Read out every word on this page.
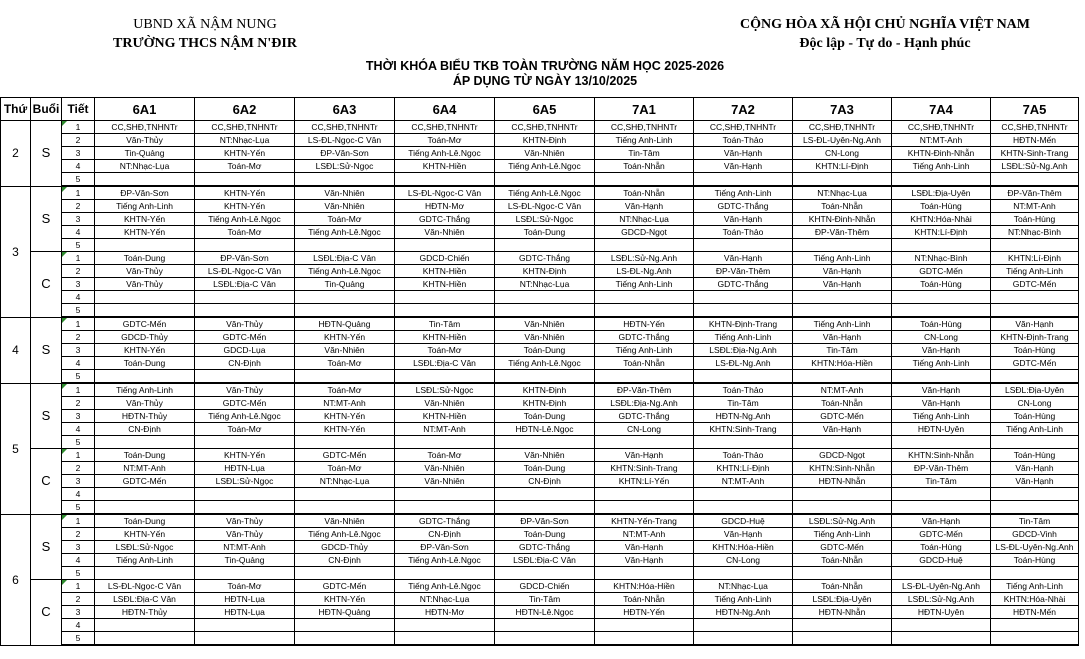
UBND XÃ NẬM NUNG
TRƯỜNG THCS NẬM N'ĐIR
CỘNG HÒA XÃ HỘI CHỦ NGHĨA VIỆT NAM
Độc lập - Tự do - Hạnh phúc
THỜI KHÓA BIỂU TKB TOÀN TRƯỜNG NĂM HỌC 2025-2026
ÁP DỤNG TỪ NGÀY 13/10/2025
Thứ	Buổi	Tiết	6A1	6A2	6A3	6A4	6A5	7A1	7A2	7A3	7A4	7A5
2	S	1	CC,SHĐ,TNHNTr	CC,SHĐ,TNHNTr	CC,SHĐ,TNHNTr	CC,SHĐ,TNHNTr	CC,SHĐ,TNHNTr	CC,SHĐ,TNHNTr	CC,SHĐ,TNHNTr	CC,SHĐ,TNHNTr	CC,SHĐ,TNHNTr	CC,SHĐ,TNHNTr
		2	Văn-Thủy	NT:Nhạc-Lụa	LS-ĐL-Ngọc-C Vân	Toán-Mơ	KHTN-Định	Tiếng Anh-Linh	Toán-Thảo	LS-ĐL-Uyên-Ng.Anh	NT:MT-Anh	HĐTN-Mến
		3	Tin-Quảng	KHTN-Yến	ĐP-Văn-Sơn	Tiếng Anh-Lê.Ngọc	Văn-Nhiên	Tin-Tâm	Văn-Hạnh	CN-Long	KHTN-Đinh-Nhẫn	KHTN-Sinh-Trang
		4	NT:Nhạc-Lụa	Toán-Mơ	LSĐL:Sử-Ngọc	KHTN-Hiền	Tiếng Anh-Lê.Ngọc	Toán-Nhẫn	Văn-Hạnh	KHTN:Lí-Định	Tiếng Anh-Linh	LSĐL:Sử-Ng.Anh
		5										
3	S	1	ĐP-Văn-Sơn	KHTN-Yến	Văn-Nhiên	LS-ĐL-Ngọc-C Vân	Tiếng Anh-Lê.Ngọc	Toán-Nhẫn	Tiếng Anh-Linh	NT:Nhạc-Lụa	LSĐL:Địa-Uyên	ĐP-Văn-Thêm
		2	Tiếng Anh-Linh	KHTN-Yến	Văn-Nhiên	HĐTN-Mơ	LS-ĐL-Ngọc-C Vân	Văn-Hạnh	GDTC-Thắng	Toán-Nhẫn	Toán-Hùng	NT:MT-Anh
		3	KHTN-Yến	Tiếng Anh-Lê.Ngọc	Toán-Mơ	GDTC-Thắng	LSĐL:Sử-Ngọc	NT:Nhạc-Lụa	Văn-Hạnh	KHTN-Đinh-Nhẫn	KHTN:Hóa-Nhài	Toán-Hùng
		4	KHTN-Yến	Toán-Mơ	Tiếng Anh-Lê.Ngọc	Văn-Nhiên	Toán-Dung	GDCD-Ngọt	Toán-Thảo	ĐP-Văn-Thêm	KHTN:Lí-Định	NT:Nhạc-Bình
		5										
	C	1	Toán-Dung	ĐP-Văn-Sơn	LSĐL:Địa-C Vân	GDCD-Chiến	GDTC-Thắng	LSĐL:Sử-Ng.Anh	Văn-Hạnh	Tiếng Anh-Linh	NT:Nhạc-Bình	KHTN:Lí-Định
		2	Văn-Thủy	LS-ĐL-Ngọc-C Vân	Tiếng Anh-Lê.Ngọc	KHTN-Hiền	KHTN-Định	LS-ĐL-Ng.Anh	ĐP-Văn-Thêm	Văn-Hạnh	GDTC-Mến	Tiếng Anh-Linh
		3	Văn-Thủy	LSĐL:Địa-C Vân	Tin-Quảng	KHTN-Hiền	NT:Nhạc-Lụa	Tiếng Anh-Linh	GDTC-Thắng	Văn-Hạnh	Toán-Hùng	GDTC-Mến
		4										
		5										
4	S	1	GDTC-Mến	Văn-Thủy	HĐTN-Quảng	Tin-Tâm	Văn-Nhiên	HĐTN-Yến	KHTN-Định-Trang	Tiếng Anh-Linh	Toán-Hùng	Văn-Hạnh
		2	GDCD-Thủy	GDTC-Mến	KHTN-Yến	KHTN-Hiền	Văn-Nhiên	GDTC-Thắng	Tiếng Anh-Linh	Văn-Hạnh	CN-Long	KHTN-Định-Trang
		3	KHTN-Yến	GDCD-Lụa	Văn-Nhiên	Toán-Mơ	Toán-Dung	Tiếng Anh-Linh	LSĐL:Địa-Ng.Anh	Tin-Tâm	Văn-Hạnh	Toán-Hùng
		4	Toán-Dung	CN-Định	Toán-Mơ	LSĐL:Địa-C Vân	Tiếng Anh-Lê.Ngọc	Toán-Nhẫn	LS-ĐL-Ng.Anh	KHTN:Hóa-Hiền	Tiếng Anh-Linh	GDTC-Mến
		5										
5	S	1	Tiếng Anh-Linh	Văn-Thủy	Toán-Mơ	LSĐL:Sử-Ngọc	KHTN-Định	ĐP-Văn-Thêm	Toán-Thảo	NT:MT-Anh	Văn-Hạnh	LSĐL:Địa-Uyên
		2	Văn-Thủy	GDTC-Mến	NT:MT-Anh	Văn-Nhiên	KHTN-Định	LSĐL:Địa-Ng.Anh	Tin-Tâm	Toán-Nhẫn	Văn-Hạnh	CN-Long
		3	HĐTN-Thủy	Tiếng Anh-Lê.Ngọc	KHTN-Yến	KHTN-Hiền	Toán-Dung	GDTC-Thắng	HĐTN-Ng.Anh	GDTC-Mến	Tiếng Anh-Linh	Toán-Hùng
		4	CN-Định	Toán-Mơ	KHTN-Yến	NT:MT-Anh	HĐTN-Lê.Ngọc	CN-Long	KHTN:Sinh-Trang	Văn-Hạnh	HĐTN-Uyên	Tiếng Anh-Linh
		5										
	C	1	Toán-Dung	KHTN-Yến	GDTC-Mến	Toán-Mơ	Văn-Nhiên	Văn-Hạnh	Toán-Thảo	GDCD-Ngọt	KHTN:Sinh-Nhẫn	Toán-Hùng
		2	NT:MT-Anh	HĐTN-Lụa	Toán-Mơ	Văn-Nhiên	Toán-Dung	KHTN:Sinh-Trang	KHTN:Lí-Định	KHTN:Sinh-Nhẫn	ĐP-Văn-Thêm	Văn-Hạnh
		3	GDTC-Mến	LSĐL:Sử-Ngọc	NT:Nhạc-Lụa	Văn-Nhiên	CN-Định	KHTN:Lí-Yến	NT:MT-Anh	HĐTN-Nhẫn	Tin-Tâm	Văn-Hạnh
		4										
		5										
6	S	1	Toán-Dung	Văn-Thủy	Văn-Nhiên	GDTC-Thắng	ĐP-Văn-Sơn	KHTN-Yến-Trang	GDCD-Huệ	LSĐL:Sử-Ng.Anh	Văn-Hạnh	Tin-Tâm
		2	KHTN-Yến	Văn-Thủy	Tiếng Anh-Lê.Ngọc	CN-Định	Toán-Dung	NT:MT-Anh	Văn-Hạnh	Tiếng Anh-Linh	GDTC-Mến	GDCD-Vinh
		3	LSĐL:Sử-Ngọc	NT:MT-Anh	GDCD-Thủy	ĐP-Văn-Sơn	GDTC-Thắng	Văn-Hạnh	KHTN:Hóa-Hiền	GDTC-Mến	Toán-Hùng	LS-ĐL-Uyên-Ng.Anh
		4	Tiếng Anh-Linh	Tin-Quảng	CN-Định	Tiếng Anh-Lê.Ngọc	LSĐL:Địa-C Vân	Văn-Hạnh	CN-Long	Toán-Nhẫn	GDCD-Huệ	Toán-Hùng
		5										
	C	1	LS-ĐL-Ngọc-C Vân	Toán-Mơ	GDTC-Mến	Tiếng Anh-Lê.Ngọc	GDCD-Chiến	KHTN:Hóa-Hiền	NT:Nhạc-Lụa	Toán-Nhẫn	LS-ĐL-Uyên-Ng.Anh	Tiếng Anh-Linh
		2	LSĐL:Địa-C Vân	HĐTN-Lụa	KHTN-Yến	NT:Nhạc-Lụa	Tin-Tâm	Toán-Nhẫn	Tiếng Anh-Linh	LSĐL:Địa-Uyên	LSĐL:Sử-Ng.Anh	KHTN:Hóa-Nhài
		3	HĐTN-Thủy	HĐTN-Lụa	HĐTN-Quảng	HĐTN-Mơ	HĐTN-Lê.Ngọc	HĐTN-Yến	HĐTN-Ng.Anh	HĐTN-Nhẫn	HĐTN-Uyên	HĐTN-Mến
		4										
		5										
